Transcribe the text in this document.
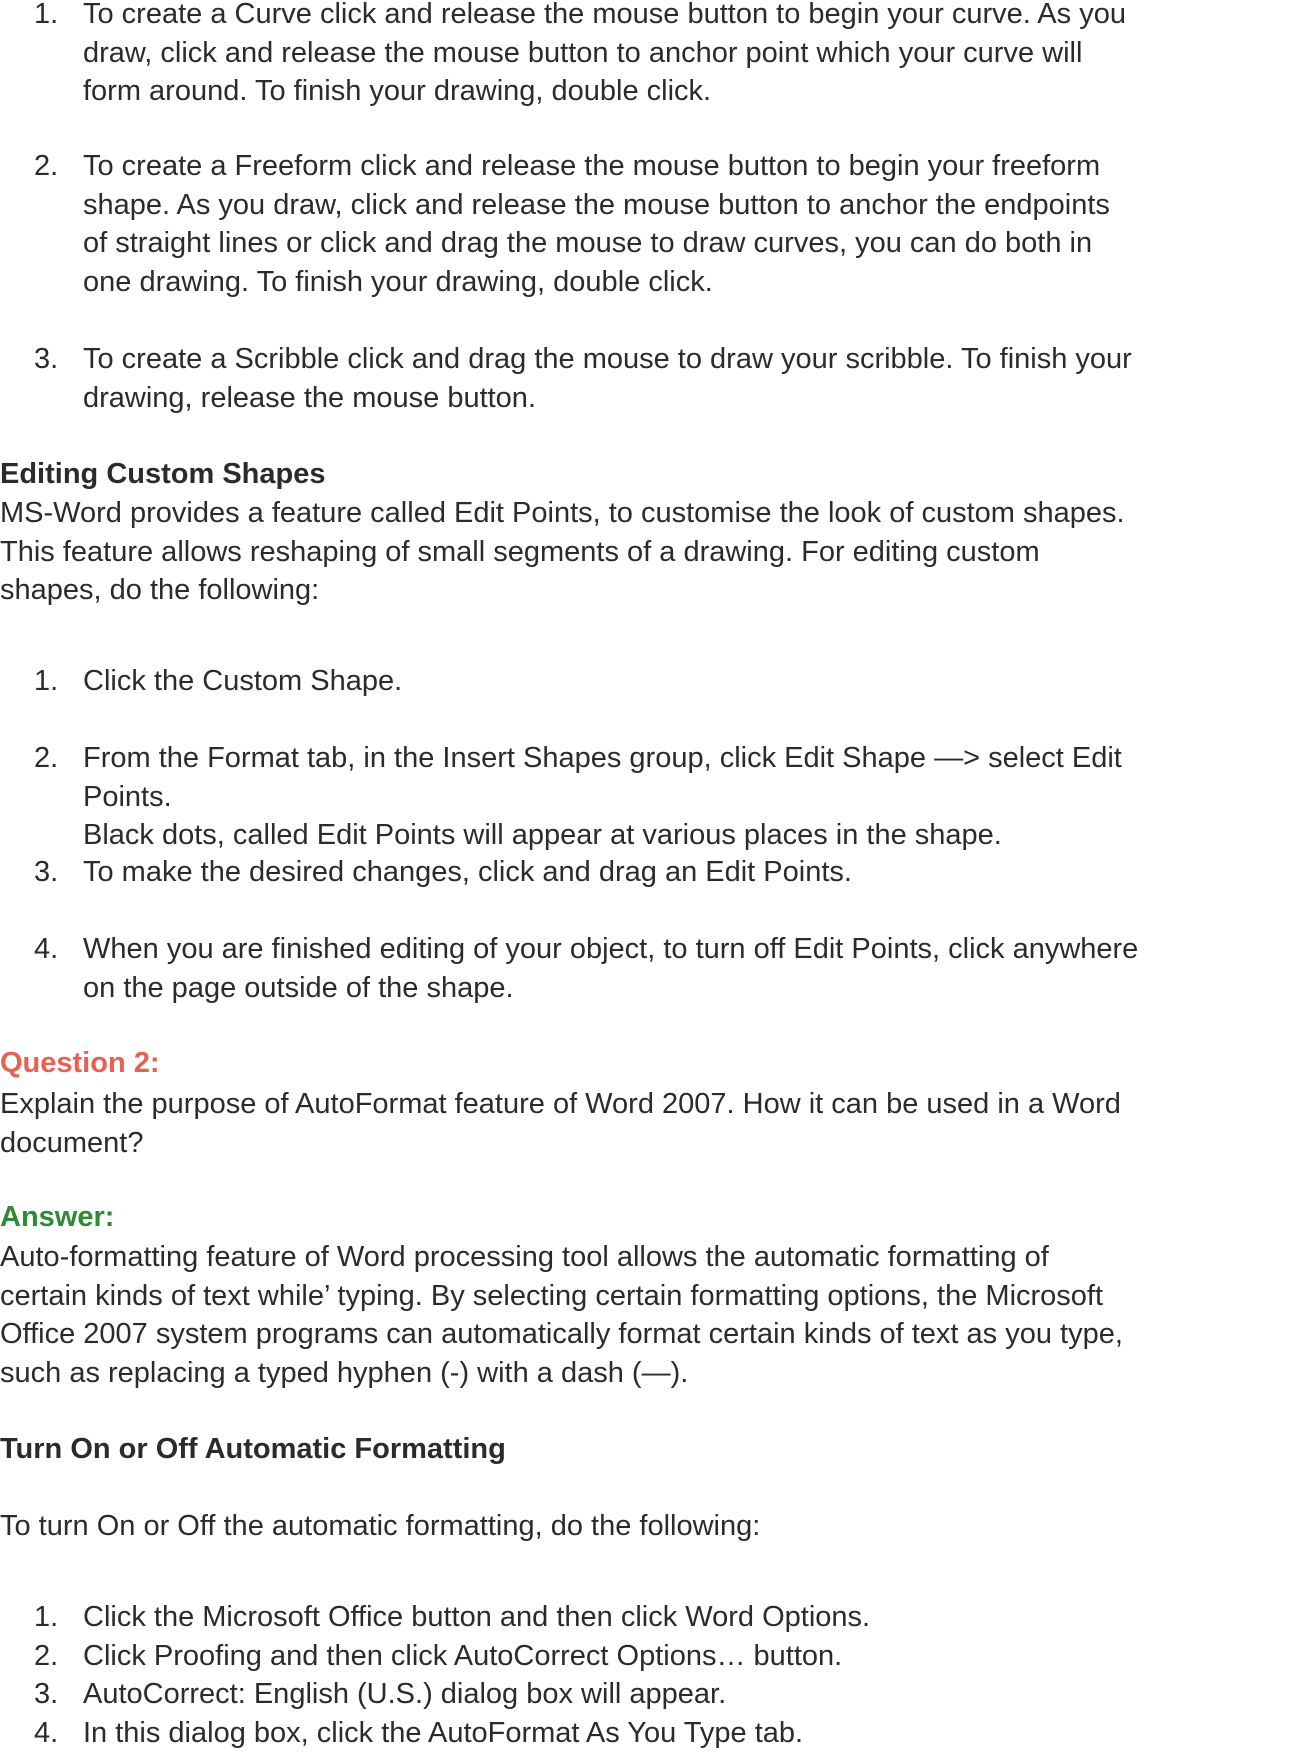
1. To create a Curve click and release the mouse button to begin your curve. As you
draw, click and release the mouse button to anchor point which your curve will
form around. To finish your drawing, double click.
2. To create a Freeform click and release the mouse button to begin your freeform
shape. As you draw, click and release the mouse button to anchor the endpoints
of straight lines or click and drag the mouse to draw curves, you can do both in
one drawing. To finish your drawing, double click.
3. To create a Scribble click and drag the mouse to draw your scribble. To finish your
drawing, release the mouse button.
Editing Custom Shapes
MS-Word provides a feature called Edit Points, to customise the look of custom shapes.
This feature allows reshaping of small segments of a drawing. For editing custom
shapes, do the following:
1. Click the Custom Shape.
2. From the Format tab, in the Insert Shapes group, click Edit Shape —> select Edit
Points.
Black dots, called Edit Points will appear at various places in the shape.
3. To make the desired changes, click and drag an Edit Points.
4. When you are finished editing of your object, to turn off Edit Points, click anywhere
on the page outside of the shape.
Question 2:
Explain the purpose of AutoFormat feature of Word 2007. How it can be used in a Word
document?
Answer:
Auto-formatting feature of Word processing tool allows the automatic formatting of
certain kinds of text while’ typing. By selecting certain formatting options, the Microsoft
Office 2007 system programs can automatically format certain kinds of text as you type,
such as replacing a typed hyphen (-) with a dash (—).
Turn On or Off Automatic Formatting
To turn On or Off the automatic formatting, do the following:
1. Click the Microsoft Office button and then click Word Options.
2. Click Proofing and then click AutoCorrect Options… button.
3. AutoCorrect: English (U.S.) dialog box will appear.
4. In this dialog box, click the AutoFormat As You Type tab.
